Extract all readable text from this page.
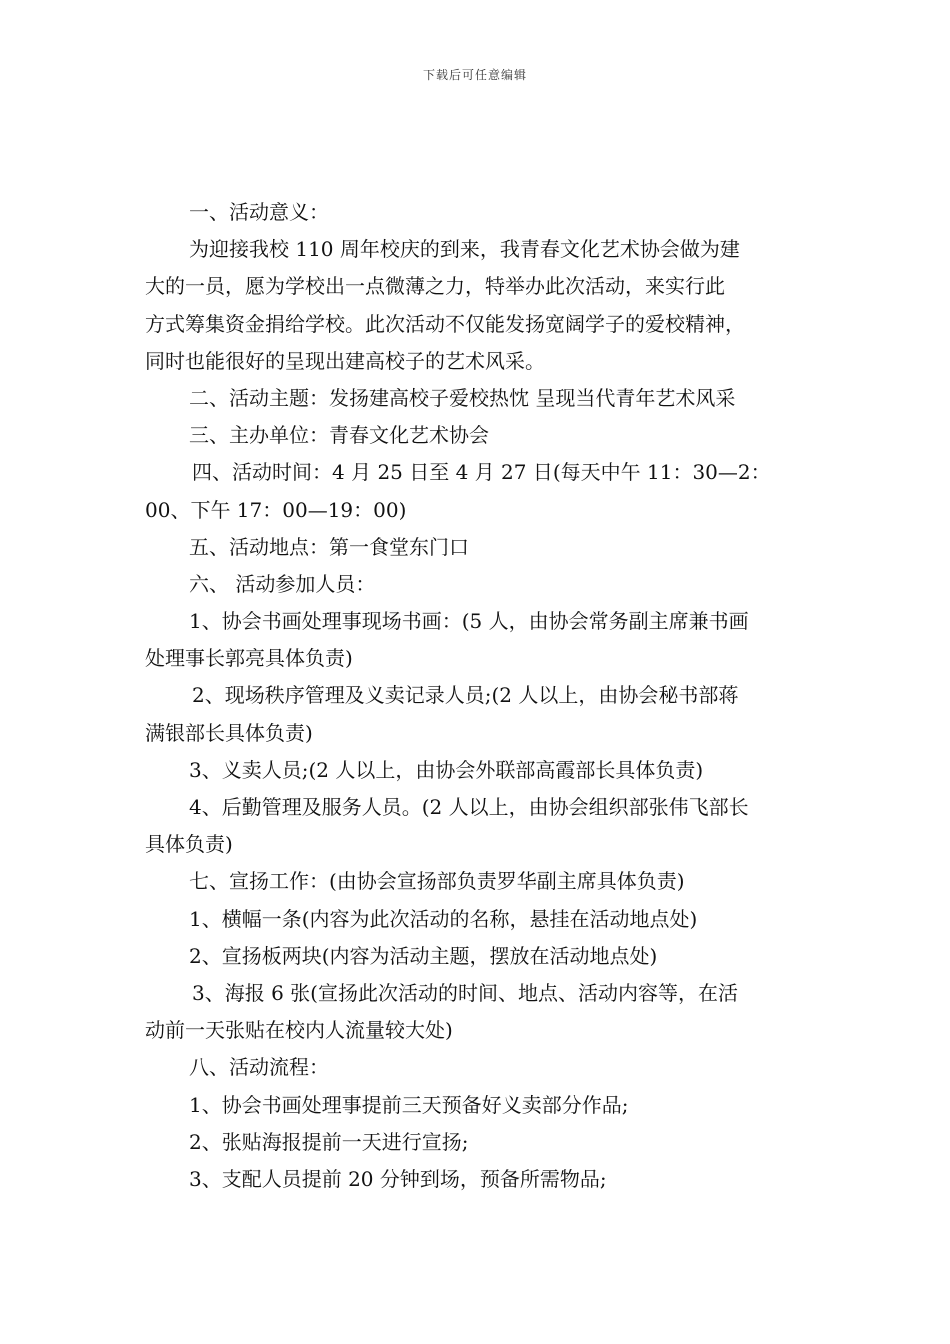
下载后可任意编辑
一、活动意义：
为迎接我校 110 周年校庆的到来，我青春文化艺术协会做为建
大的一员，愿为学校出一点微薄之力，特举办此次活动，来实行此
方式筹集资金捐给学校。此次活动不仅能发扬宽阔学子的爱校精神，
同时也能很好的呈现出建高校子的艺术风采。
二、活动主题：发扬建高校子爱校热忱 呈现当代青年艺术风采
三、主办单位：青春文化艺术协会
四、活动时间：4 月 25 日至 4 月 27 日(每天中午 11：30—2：
00、下午 17：00—19：00)
五、活动地点：第一食堂东门口
六、 活动参加人员：
1、协会书画处理事现场书画：(5 人，由协会常务副主席兼书画
处理事长郭亮具体负责)
2、现场秩序管理及义卖记录人员;(2 人以上，由协会秘书部蒋
满银部长具体负责)
3、义卖人员;(2 人以上，由协会外联部高霞部长具体负责)
4、后勤管理及服务人员。(2 人以上，由协会组织部张伟飞部长
具体负责)
七、宣扬工作：(由协会宣扬部负责罗华副主席具体负责)
1、横幅一条(内容为此次活动的名称，悬挂在活动地点处)
2、宣扬板两块(内容为活动主题，摆放在活动地点处)
3、海报 6 张(宣扬此次活动的时间、地点、活动内容等，在活
动前一天张贴在校内人流量较大处)
八、活动流程：
1、协会书画处理事提前三天预备好义卖部分作品;
2、张贴海报提前一天进行宣扬;
3、支配人员提前 20 分钟到场，预备所需物品;
